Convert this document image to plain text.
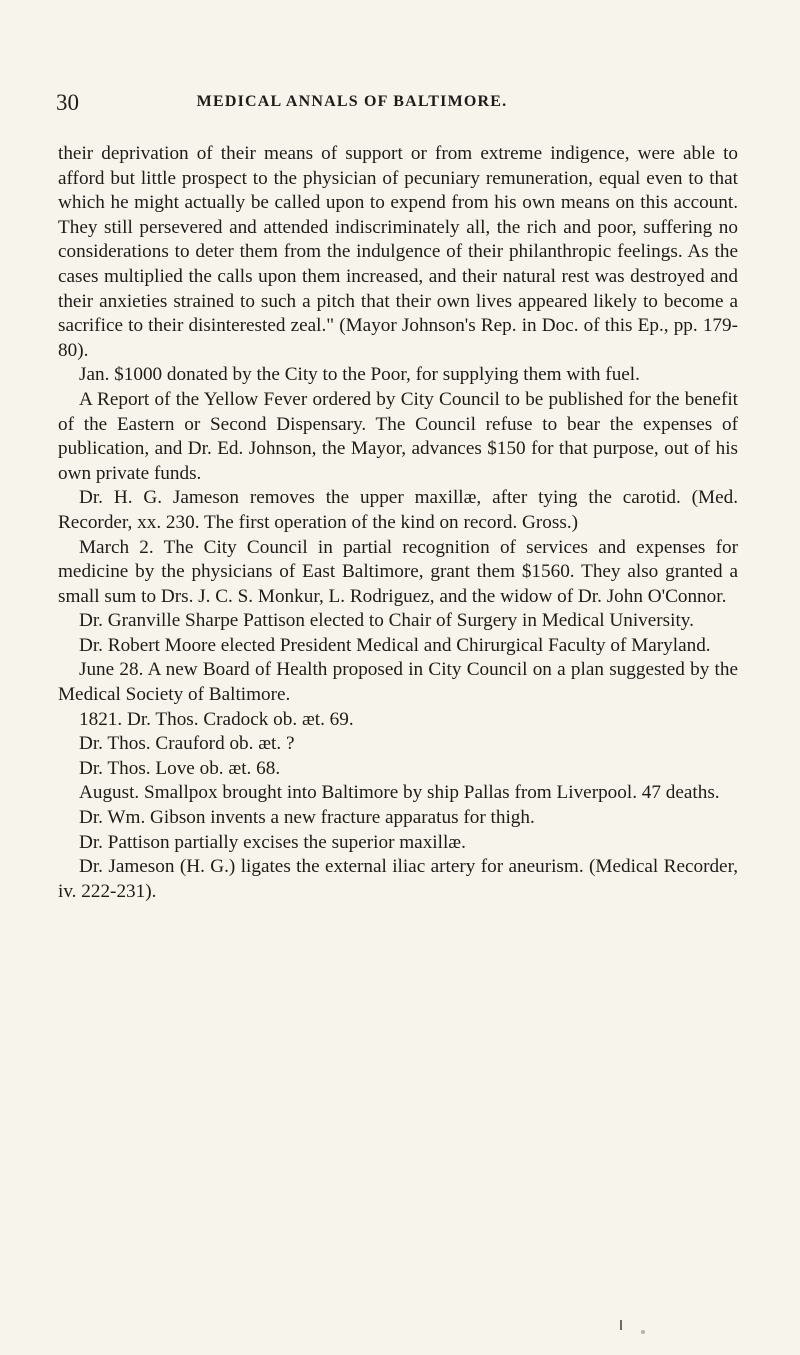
30	MEDICAL ANNALS OF BALTIMORE.

their deprivation of their means of support or from extreme indigence, were able to afford but little prospect to the physician of pecuniary remuneration, equal even to that which he might actually be called upon to expend from his own means on this account. They still persevered and attended indiscriminately all, the rich and poor, suffering no considerations to deter them from the indulgence of their philanthropic feelings. As the cases multiplied the calls upon them increased, and their natural rest was destroyed and their anxieties strained to such a pitch that their own lives appeared likely to become a sacrifice to their disinterested zeal." (Mayor Johnson's Rep. in Doc. of this Ep., pp. 179-80).

Jan. $1000 donated by the City to the Poor, for supplying them with fuel.

A Report of the Yellow Fever ordered by City Council to be published for the benefit of the Eastern or Second Dispensary. The Council refuse to bear the expenses of publication, and Dr. Ed. Johnson, the Mayor, advances $150 for that purpose, out of his own private funds.

Dr. H. G. Jameson removes the upper maxillæ, after tying the carotid. (Med. Recorder, xx. 230. The first operation of the kind on record. Gross.)

March 2. The City Council in partial recognition of services and expenses for medicine by the physicians of East Baltimore, grant them $1560. They also granted a small sum to Drs. J. C. S. Monkur, L. Rodriguez, and the widow of Dr. John O'Connor.

Dr. Granville Sharpe Pattison elected to Chair of Surgery in Medical University.

Dr. Robert Moore elected President Medical and Chirurgical Faculty of Maryland.

June 28. A new Board of Health proposed in City Council on a plan suggested by the Medical Society of Baltimore.

1821. Dr. Thos. Cradock ob. æt. 69.

Dr. Thos. Crauford ob. æt. ?

Dr. Thos. Love ob. æt. 68.

August. Smallpox brought into Baltimore by ship Pallas from Liverpool. 47 deaths.

Dr. Wm. Gibson invents a new fracture apparatus for thigh.

Dr. Pattison partially excises the superior maxillæ.

Dr. Jameson (H. G.) ligates the external iliac artery for aneurism. (Medical Recorder, iv. 222-231).
